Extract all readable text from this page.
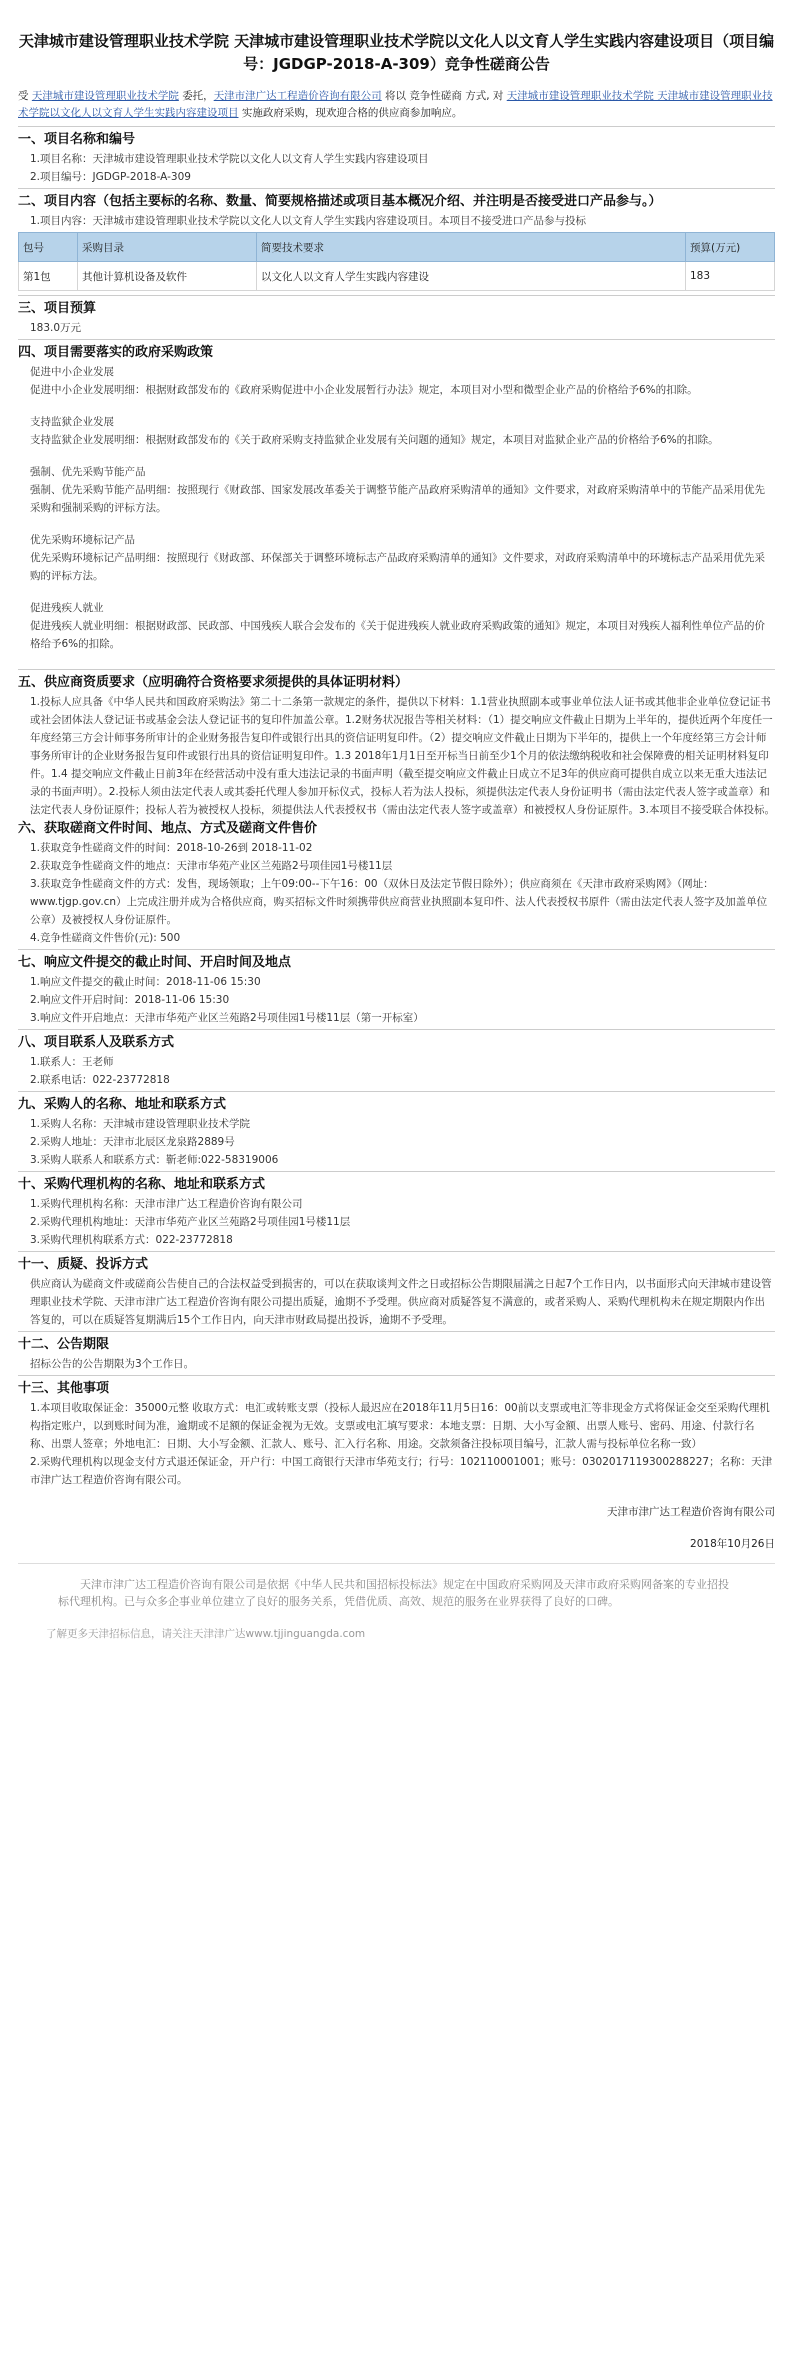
天津城市建设管理职业技术学院 天津城市建设管理职业技术学院以文化人以文育人学生实践内容建设项目（项目编号：JGDGP-2018-A-309）竞争性磋商公告

受 天津城市建设管理职业技术学院 委托，天津市津广达工程造价咨询有限公司 将以 竞争性磋商 方式, 对 天津城市建设管理职业技术学院 天津城市建设管理职业技术学院以文化人以文育人学生实践内容建设项目 实施政府采购，现欢迎合格的供应商参加响应。

一、项目名称和编号

1.项目名称：天津城市建设管理职业技术学院以文化人以文育人学生实践内容建设项目

2.项目编号：JGDGP-2018-A-309

二、项目内容（包括主要标的名称、数量、简要规格描述或项目基本概况介绍、并注明是否接受进口产品参与。）

1.项目内容：天津城市建设管理职业技术学院以文化人以文育人学生实践内容建设项目。本项目不接受进口产品参与投标

包号	采购目录	简要技术要求	预算(万元)
第1包	其他计算机设备及软件	以文化人以文育人学生实践内容建设	183
三、项目预算

183.0万元

四、项目需要落实的政府采购政策

促进中小企业发展

促进中小企业发展明细：根据财政部发布的《政府采购促进中小企业发展暂行办法》规定，本项目对小型和微型企业产品的价格给予6%的扣除。

支持监狱企业发展

支持监狱企业发展明细：根据财政部发布的《关于政府采购支持监狱企业发展有关问题的通知》规定，本项目对监狱企业产品的价格给予6%的扣除。

强制、优先采购节能产品

强制、优先采购节能产品明细：按照现行《财政部、国家发展改革委关于调整节能产品政府采购清单的通知》文件要求，对政府采购清单中的节能产品采用优先采购和强制采购的评标方法。

优先采购环境标记产品

优先采购环境标记产品明细：按照现行《财政部、环保部关于调整环境标志产品政府采购清单的通知》文件要求，对政府采购清单中的环境标志产品采用优先采购的评标方法。

促进残疾人就业

促进残疾人就业明细：根据财政部、民政部、中国残疾人联合会发布的《关于促进残疾人就业政府采购政策的通知》规定，本项目对残疾人福利性单位产品的价格给予6%的扣除。

五、供应商资质要求（应明确符合资格要求须提供的具体证明材料）

1.投标人应具备《中华人民共和国政府采购法》第二十二条第一款规定的条件，提供以下材料：1.1营业执照副本或事业单位法人证书或其他非企业单位登记证书或社会团体法人登记证书或基金会法人登记证书的复印件加盖公章。1.2财务状况报告等相关材料：（1）提交响应文件截止日期为上半年的，提供近两个年度任一年度经第三方会计师事务所审计的企业财务报告复印件或银行出具的资信证明复印件。（2）提交响应文件截止日期为下半年的，提供上一个年度经第三方会计师事务所审计的企业财务报告复印件或银行出具的资信证明复印件。1.3 2018年1月1日至开标当日前至少1个月的依法缴纳税收和社会保障费的相关证明材料复印件。1.4 提交响应文件截止日前3年在经营活动中没有重大违法记录的书面声明（截至提交响应文件截止日成立不足3年的供应商可提供自成立以来无重大违法记录的书面声明）。2.投标人须由法定代表人或其委托代理人参加开标仪式，投标人若为法人投标，须提供法定代表人身份证明书（需由法定代表人签字或盖章）和法定代表人身份证原件；投标人若为被授权人投标，须提供法人代表授权书（需由法定代表人签字或盖章）和被授权人身份证原件。3.本项目不接受联合体投标。

六、获取磋商文件时间、地点、方式及磋商文件售价

1.获取竞争性磋商文件的时间：2018-10-26到 2018-11-02

2.获取竞争性磋商文件的地点：天津市华苑产业区兰苑路2号项佳园1号楼11层

3.获取竞争性磋商文件的方式：发售，现场领取；上午09:00--下午16：00（双休日及法定节假日除外）；供应商须在《天津市政府采购网》（网址：www.tjgp.gov.cn）上完成注册并成为合格供应商，购买招标文件时须携带供应商营业执照副本复印件、法人代表授权书原件（需由法定代表人签字及加盖单位公章）及被授权人身份证原件。

4.竞争性磋商文件售价(元): 500

七、响应文件提交的截止时间、开启时间及地点

1.响应文件提交的截止时间：2018-11-06 15:30

2.响应文件开启时间：2018-11-06 15:30

3.响应文件开启地点：天津市华苑产业区兰苑路2号项佳园1号楼11层（第一开标室）

八、项目联系人及联系方式

1.联系人：王老师

2.联系电话：022-23772818

九、采购人的名称、地址和联系方式

1.采购人名称：天津城市建设管理职业技术学院

2.采购人地址：天津市北辰区龙泉路2889号

3.采购人联系人和联系方式：靳老师:022-58319006

十、采购代理机构的名称、地址和联系方式

1.采购代理机构名称：天津市津广达工程造价咨询有限公司

2.采购代理机构地址：天津市华苑产业区兰苑路2号项佳园1号楼11层

3.采购代理机构联系方式：022-23772818

十一、质疑、投诉方式

供应商认为磋商文件或磋商公告使自己的合法权益受到损害的，可以在获取谈判文件之日或招标公告期限届满之日起7个工作日内，以书面形式向天津城市建设管理职业技术学院、天津市津广达工程造价咨询有限公司提出质疑，逾期不予受理。供应商对质疑答复不满意的，或者采购人、采购代理机构未在规定期限内作出答复的，可以在质疑答复期满后15个工作日内，向天津市财政局提出投诉，逾期不予受理。

十二、公告期限

招标公告的公告期限为3个工作日。

十三、其他事项

1.本项目收取保证金：35000元整 收取方式：电汇或转账支票（投标人最迟应在2018年11月5日16：00前以支票或电汇等非现金方式将保证金交至采购代理机构指定账户，以到账时间为准，逾期或不足额的保证金视为无效。支票或电汇填写要求：本地支票：日期、大小写金额、出票人账号、密码、用途、付款行名称、出票人签章；外地电汇：日期、大小写金额、汇款人、账号、汇入行名称、用途。交款须备注投标项目编号，汇款人需与投标单位名称一致）

2.采购代理机构以现金支付方式退还保证金，开户行：中国工商银行天津市华苑支行；行号：102110001001；账号：0302017119300288227；名称：天津市津广达工程造价咨询有限公司。

天津市津广达工程造价咨询有限公司

2018年10月26日

天津市津广达工程造价咨询有限公司是依据《中华人民共和国招标投标法》规定在中国政府采购网及天津市政府采购网备案的专业招投标代理机构。已与众多企事业单位建立了良好的服务关系，凭借优质、高效、规范的服务在业界获得了良好的口碑。

了解更多天津招标信息，请关注天津津广达www.tjjinguangda.com
